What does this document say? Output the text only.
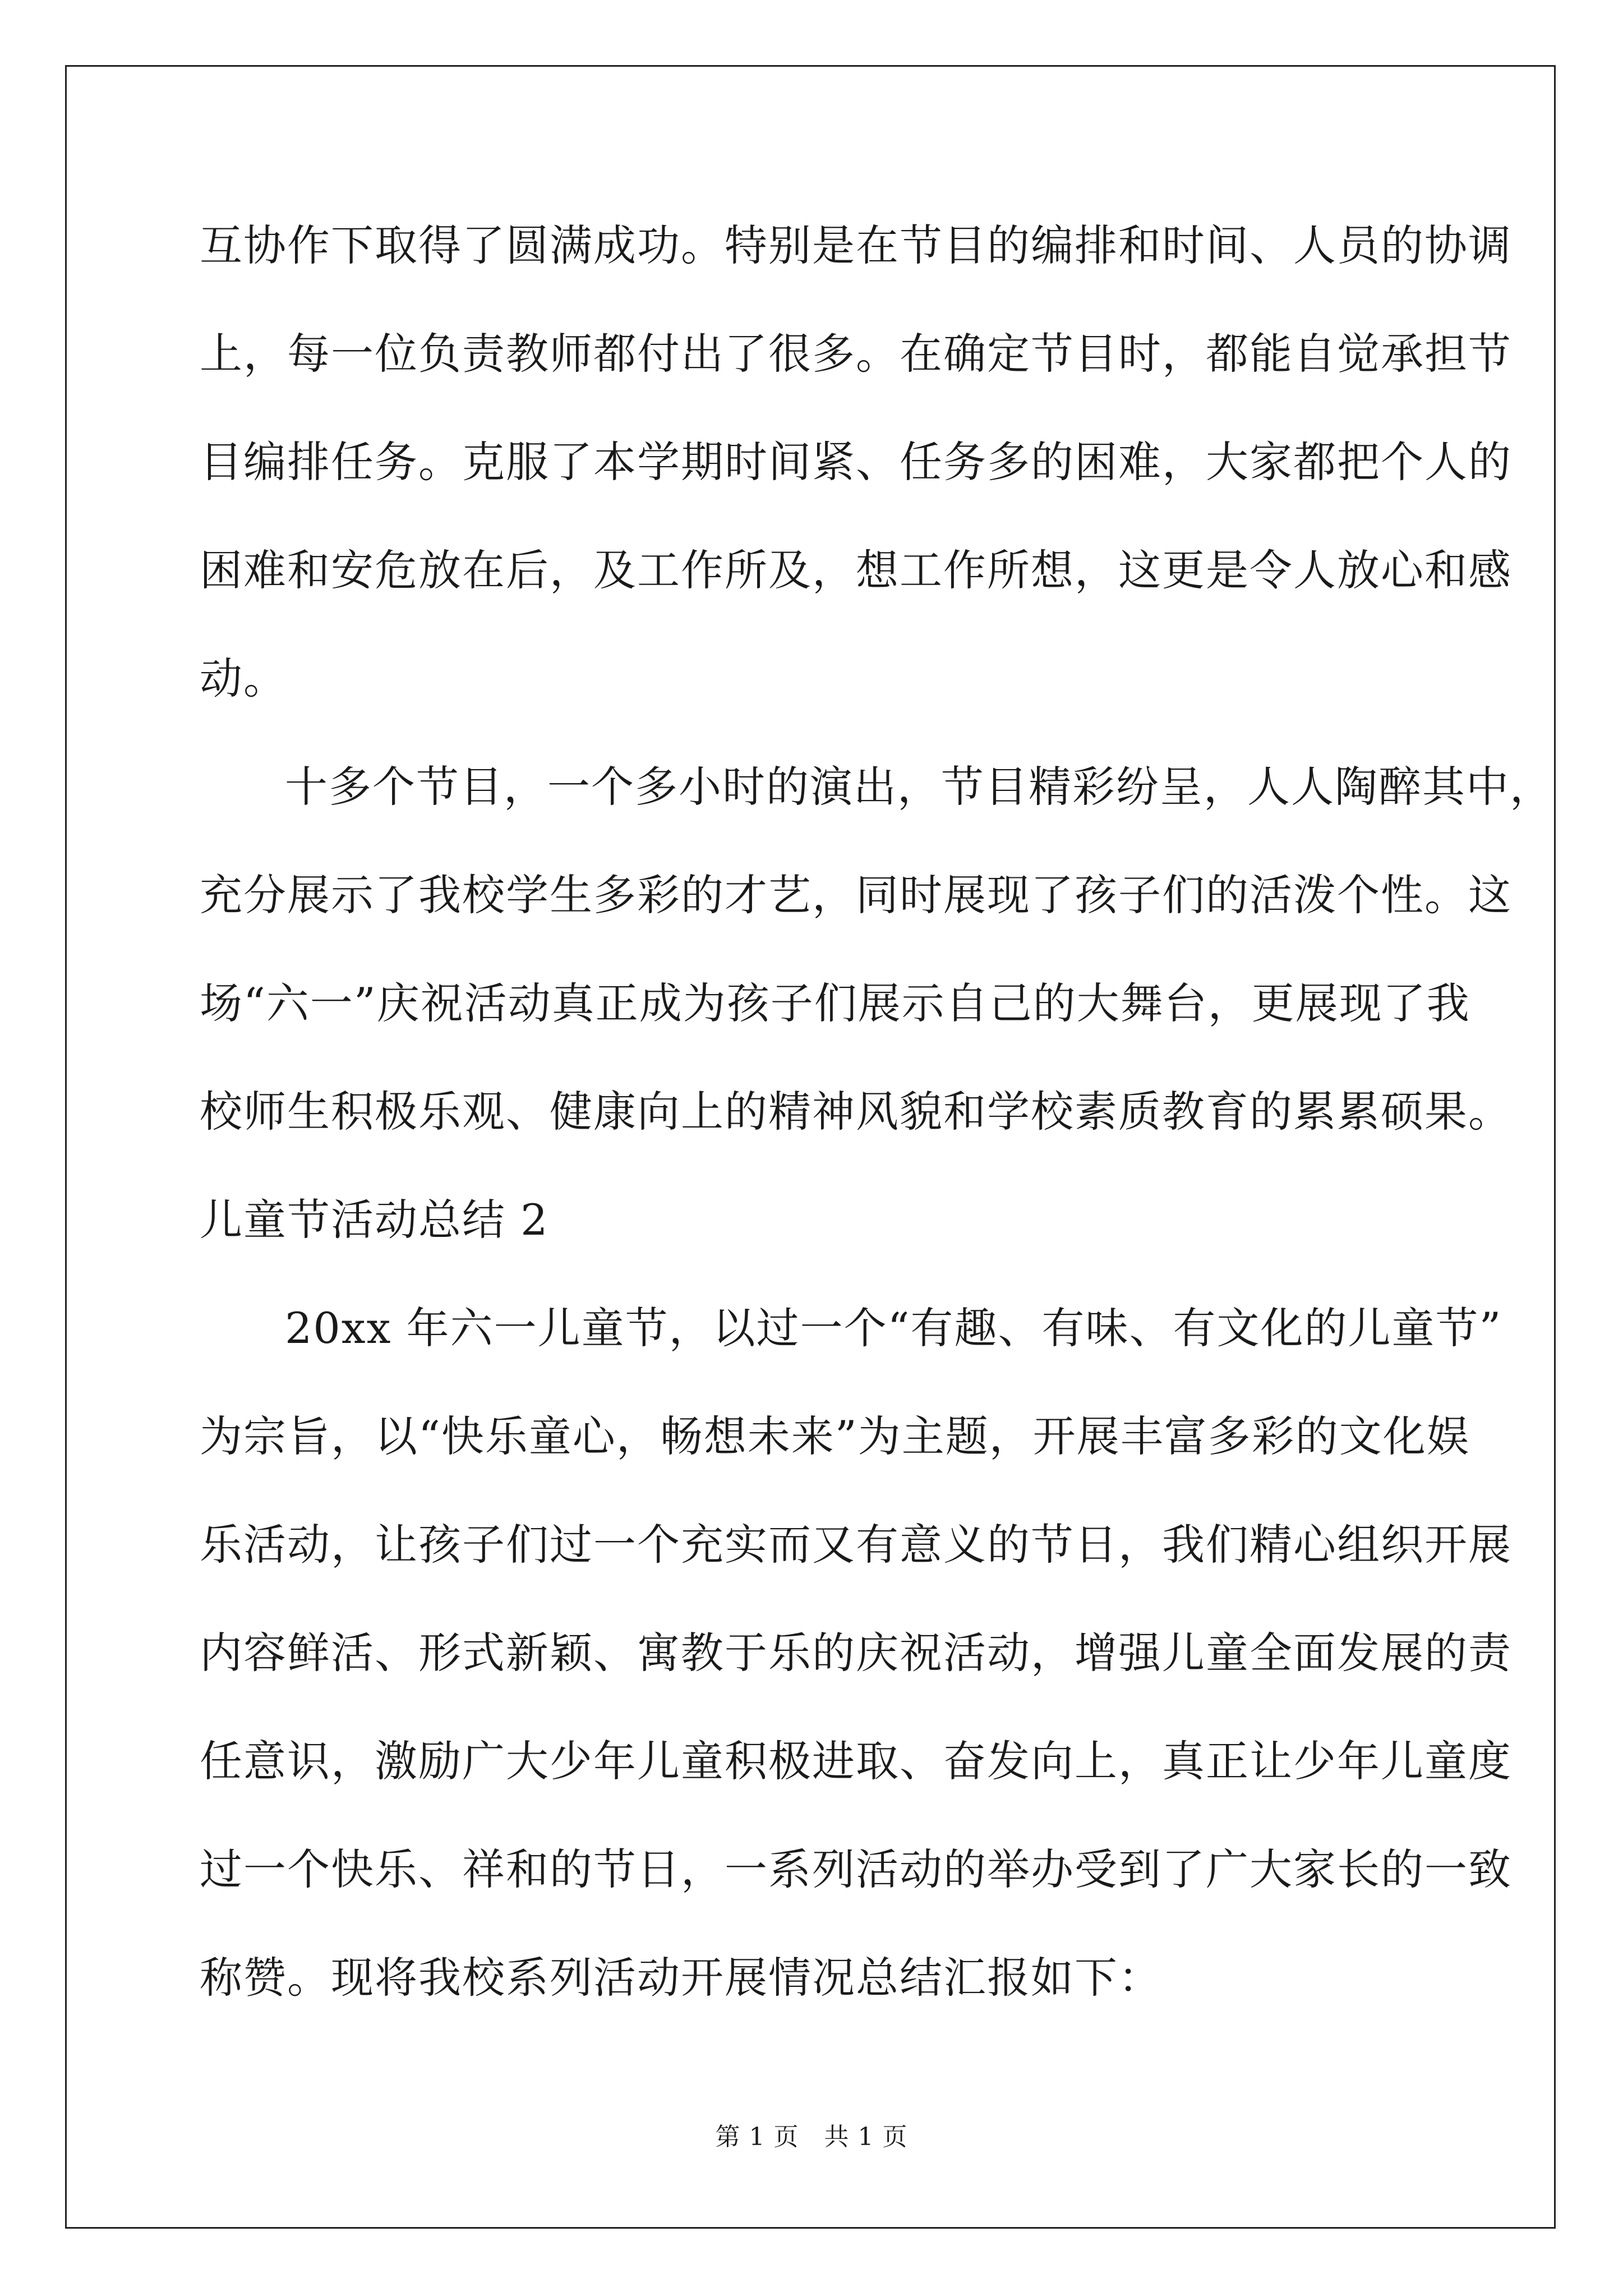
互协作下取得了圆满成功。特别是在节目的编排和时间、人员的协调
上，每一位负责教师都付出了很多。在确定节目时，都能自觉承担节
目编排任务。克服了本学期时间紧、任务多的困难，大家都把个人的
困难和安危放在后，及工作所及，想工作所想，这更是令人放心和感
动。
十多个节目，一个多小时的演出，节目精彩纷呈，人人陶醉其中，
充分展示了我校学生多彩的才艺，同时展现了孩子们的活泼个性。这
场“六一”庆祝活动真正成为孩子们展示自己的大舞台，更展现了我
校师生积极乐观、健康向上的精神风貌和学校素质教育的累累硕果。
儿童节活动总结 2
20xx 年六一儿童节，以过一个“有趣、有味、有文化的儿童节”
为宗旨，以“快乐童心，畅想未来”为主题，开展丰富多彩的文化娱
乐活动，让孩子们过一个充实而又有意义的节日，我们精心组织开展
内容鲜活、形式新颖、寓教于乐的庆祝活动，增强儿童全面发展的责
任意识，激励广大少年儿童积极进取、奋发向上，真正让少年儿童度
过一个快乐、祥和的节日，一系列活动的举办受到了广大家长的一致
称赞。现将我校系列活动开展情况总结汇报如下：
第 1 页   共 1 页
